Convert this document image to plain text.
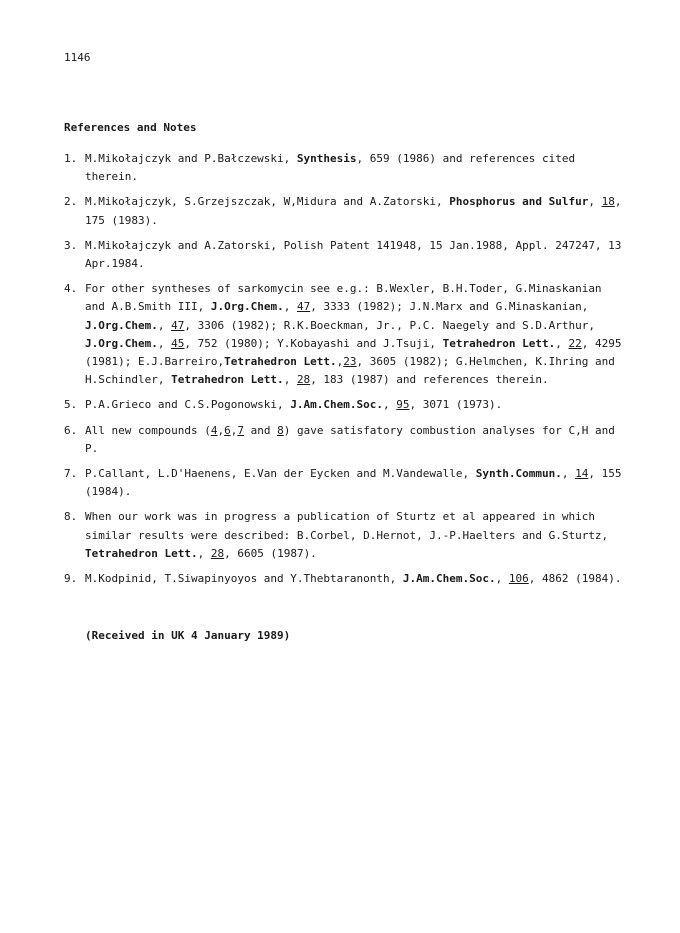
1146
References and Notes
1. M.Mikołajczyk and P.Bałczewski, Synthesis, 659 (1986) and references cited therein.
2. M.Mikołajczyk, S.Grzejszczak, W,Midura and A.Zatorski, Phosphorus and Sulfur, 18, 175 (1983).
3. M.Mikołajczyk and A.Zatorski, Polish Patent 141948, 15 Jan.1988, Appl. 247247, 13 Apr.1984.
4. For other syntheses of sarkomycin see e.g.: B.Wexler, B.H.Toder, G.Minaskanian and A.B.Smith III, J.Org.Chem., 47, 3333 (1982); J.N.Marx and G.Minaskanian, J.Org.Chem., 47, 3306 (1982); R.K.Boeckman, Jr., P.C. Naegely and S.D.Arthur, J.Org.Chem., 45, 752 (1980); Y.Kobayashi and J.Tsuji, Tetrahedron Lett., 22, 4295 (1981); E.J.Barreiro,Tetrahedron Lett.,23, 3605 (1982); G.Helmchen, K.Ihring and H.Schindler, Tetrahedron Lett., 28, 183 (1987) and references therein.
5. P.A.Grieco and C.S.Pogonowski, J.Am.Chem.Soc., 95, 3071 (1973).
6. All new compounds (4,6,7 and 8) gave satisfatory combustion analyses for C,H and P.
7. P.Callant, L.D'Haenens, E.Van der Eycken and M.Vandewalle, Synth.Commun., 14, 155 (1984).
8. When our work was in progress a publication of Sturtz et al appeared in which similar results were described: B.Corbel, D.Hernot, J.-P.Haelters and G.Sturtz, Tetrahedron Lett., 28, 6605 (1987).
9. M.Kodpinid, T.Siwapinyoyos and Y.Thebtaranonth, J.Am.Chem.Soc., 106, 4862 (1984).
(Received in UK 4 January 1989)
